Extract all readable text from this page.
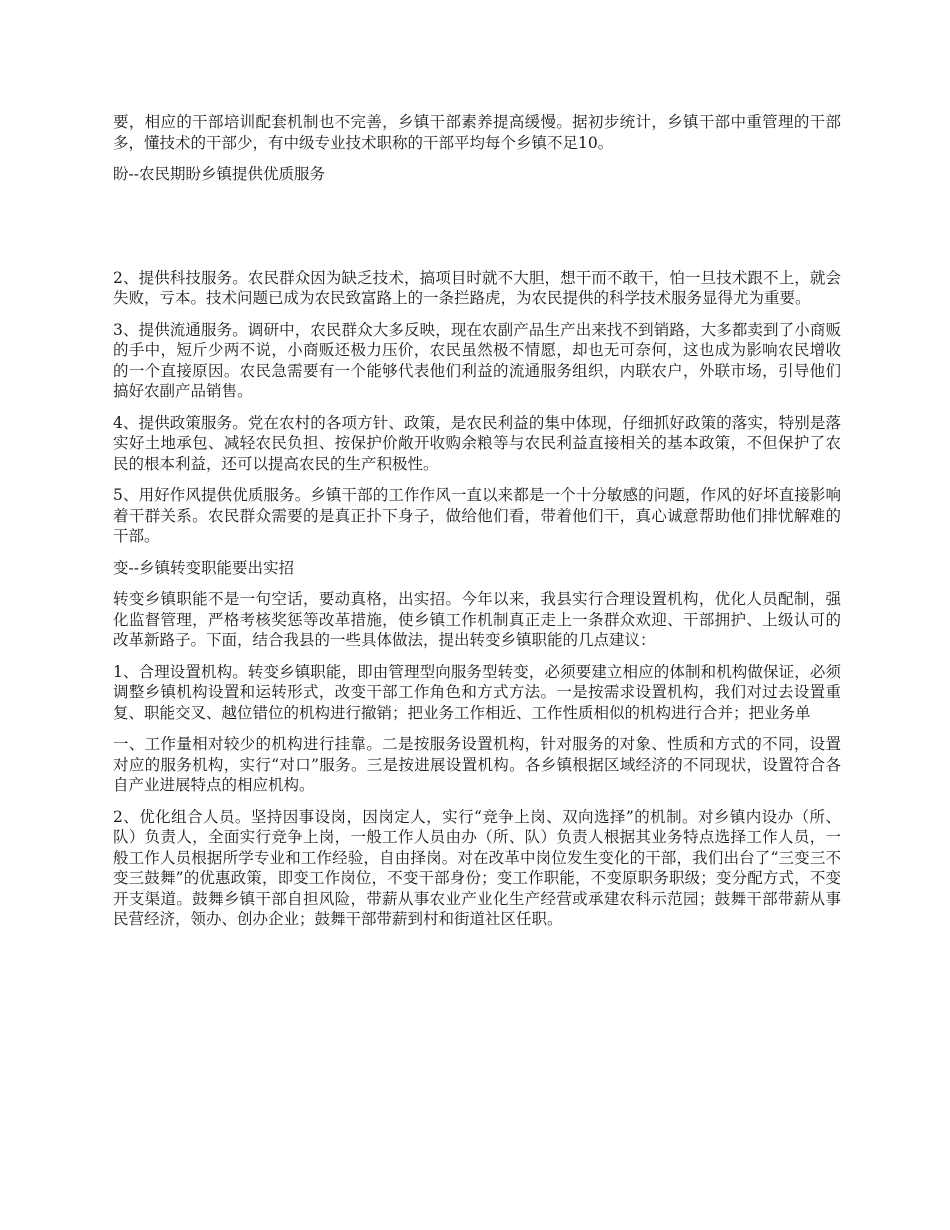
要，相应的干部培训配套机制也不完善，乡镇干部素养提高缓慢。据初步统计，乡镇干部中重管理的干部多，懂技术的干部少，有中级专业技术职称的干部平均每个乡镇不足10。

盼--农民期盼乡镇提供优质服务

2、提供科技服务。农民群众因为缺乏技术，搞项目时就不大胆，想干而不敢干，怕一旦技术跟不上，就会失败，亏本。技术问题已成为农民致富路上的一条拦路虎，为农民提供的科学技术服务显得尤为重要。

3、提供流通服务。调研中，农民群众大多反映，现在农副产品生产出来找不到销路，大多都卖到了小商贩的手中，短斤少两不说，小商贩还极力压价，农民虽然极不情愿，却也无可奈何，这也成为影响农民增收的一个直接原因。农民急需要有一个能够代表他们利益的流通服务组织，内联农户，外联市场，引导他们搞好农副产品销售。

4、提供政策服务。党在农村的各项方针、政策，是农民利益的集中体现，仔细抓好政策的落实，特别是落实好土地承包、减轻农民负担、按保护价敞开收购余粮等与农民利益直接相关的基本政策，不但保护了农民的根本利益，还可以提高农民的生产积极性。

5、用好作风提供优质服务。乡镇干部的工作作风一直以来都是一个十分敏感的问题，作风的好坏直接影响着干群关系。农民群众需要的是真正扑下身子，做给他们看，带着他们干，真心诚意帮助他们排忧解难的干部。

变--乡镇转变职能要出实招

转变乡镇职能不是一句空话，要动真格，出实招。今年以来，我县实行合理设置机构，优化人员配制，强化监督管理，严格考核奖惩等改革措施，使乡镇工作机制真正走上一条群众欢迎、干部拥护、上级认可的改革新路子。下面，结合我县的一些具体做法，提出转变乡镇职能的几点建议：

1、合理设置机构。转变乡镇职能，即由管理型向服务型转变，必须要建立相应的体制和机构做保证，必须调整乡镇机构设置和运转形式，改变干部工作角色和方式方法。一是按需求设置机构，我们对过去设置重复、职能交叉、越位错位的机构进行撤销；把业务工作相近、工作性质相似的机构进行合并；把业务单

一、工作量相对较少的机构进行挂靠。二是按服务设置机构，针对服务的对象、性质和方式的不同，设置对应的服务机构，实行“对口”服务。三是按进展设置机构。各乡镇根据区域经济的不同现状，设置符合各自产业进展特点的相应机构。

2、优化组合人员。坚持因事设岗，因岗定人，实行“竞争上岗、双向选择”的机制。对乡镇内设办（所、队）负责人，全面实行竞争上岗，一般工作人员由办（所、队）负责人根据其业务特点选择工作人员，一般工作人员根据所学专业和工作经验，自由择岗。对在改革中岗位发生变化的干部，我们出台了“三变三不变三鼓舞”的优惠政策，即变工作岗位，不变干部身份；变工作职能，不变原职务职级；变分配方式，不变开支渠道。鼓舞乡镇干部自担风险，带薪从事农业产业化生产经营或承建农科示范园；鼓舞干部带薪从事民营经济，领办、创办企业；鼓舞干部带薪到村和街道社区任职。
